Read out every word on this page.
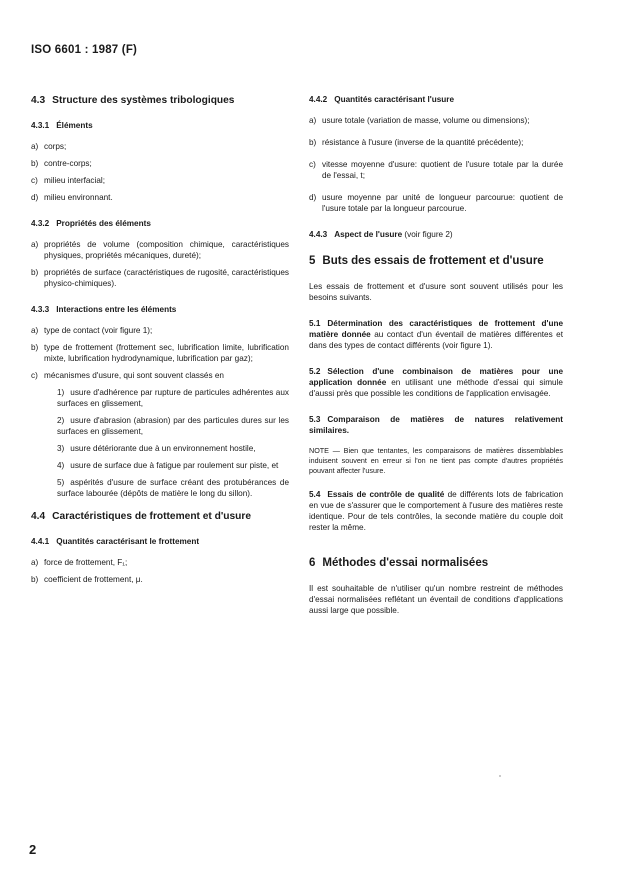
ISO 6601 : 1987 (F)
4.3 Structure des systèmes tribologiques
4.3.1 Éléments
a) corps;
b) contre-corps;
c) milieu interfacial;
d) milieu environnant.
4.3.2 Propriétés des éléments
a) propriétés de volume (composition chimique, caractéristiques physiques, propriétés mécaniques, dureté);
b) propriétés de surface (caractéristiques de rugosité, caractéristiques physico-chimiques).
4.3.3 Interactions entre les éléments
a) type de contact (voir figure 1);
b) type de frottement (frottement sec, lubrification limite, lubrification mixte, lubrification hydrodynamique, lubrification par gaz);
c) mécanismes d'usure, qui sont souvent classés en
1) usure d'adhérence par rupture de particules adhérentes aux surfaces en glissement,
2) usure d'abrasion (abrasion) par des particules dures sur les surfaces en glissement,
3) usure détériorante due à un environnement hostile,
4) usure de surface due à fatigue par roulement sur piste, et
5) aspérités d'usure de surface créant des protubérances de surface labourée (dépôts de matière le long du sillon).
4.4 Caractéristiques de frottement et d'usure
4.4.1 Quantités caractérisant le frottement
a) force de frottement, F₁;
b) coefficient de frottement, μ.
4.4.2 Quantités caractérisant l'usure
a) usure totale (variation de masse, volume ou dimensions);
b) résistance à l'usure (inverse de la quantité précédente);
c) vitesse moyenne d'usure: quotient de l'usure totale par la durée de l'essai, t;
d) usure moyenne par unité de longueur parcourue: quotient de l'usure totale par la longueur parcourue.
4.4.3 Aspect de l'usure (voir figure 2)
5 Buts des essais de frottement et d'usure
Les essais de frottement et d'usure sont souvent utilisés pour les besoins suivants.
5.1 Détermination des caractéristiques de frottement d'une matière donnée au contact d'un éventail de matières différentes et dans des types de contact différents (voir figure 1).
5.2 Sélection d'une combinaison de matières pour une application donnée en utilisant une méthode d'essai qui simule d'aussi près que possible les conditions de l'application envisagée.
5.3 Comparaison de matières de natures relativement similaires.
NOTE — Bien que tentantes, les comparaisons de matières dissemblables induisent souvent en erreur si l'on ne tient pas compte d'autres propriétés pouvant affecter l'usure.
5.4 Essais de contrôle de qualité de différents lots de fabrication en vue de s'assurer que le comportement à l'usure des matières reste identique. Pour de tels contrôles, la seconde matière du couple doit rester la même.
6 Méthodes d'essai normalisées
Il est souhaitable de n'utiliser qu'un nombre restreint de méthodes d'essai normalisées reflétant un éventail de conditions d'applications aussi large que possible.
2
